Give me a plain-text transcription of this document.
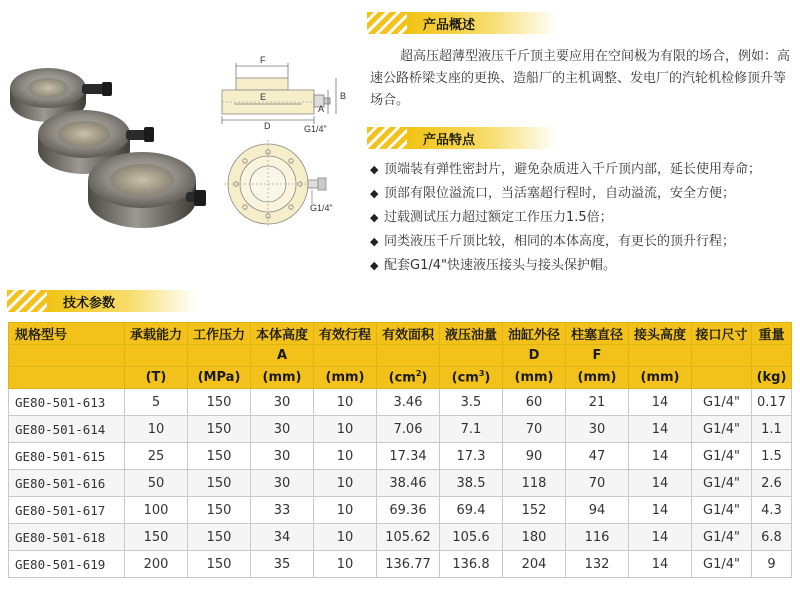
F
E
D
B
A
G1/4"
G1/4"
产品概述

超高压超薄型液压千斤顶主要应用在空间极为有限的场合，例如：高速公路桥梁支座的更换、造船厂的主机调整、发电厂的汽轮机检修顶升等场合。

产品特点
◆ 顶端装有弹性密封片，避免杂质进入千斤顶内部，延长使用寿命；
◆ 顶部有限位溢流口，当活塞超行程时，自动溢流，安全方便；
◆ 过载测试压力超过额定工作压力1.5倍；
◆ 同类液压千斤顶比较，相同的本体高度，有更长的顶升行程；
◆ 配套G1/4"快速液压接头与接头保护帽。
技术参数
规格型号	承载能力	工作压力	本体高度	有效行程	有效面积	液压油量	油缸外径	柱塞直径	接头高度	接口尺寸	重量
			A				D	F			
	(T)	(MPa)	(mm)	(mm)	$(cm^2)$	$(cm^3)$	(mm)	(mm)	(mm)		(kg)
GE80-501-613	5	150	30	10	3.46	3.5	60	21	14	G1/4"	0.17
GE80-501-614	10	150	30	10	7.06	7.1	70	30	14	G1/4"	1.1
GE80-501-615	25	150	30	10	17.34	17.3	90	47	14	G1/4"	1.5
GE80-501-616	50	150	30	10	38.46	38.5	118	70	14	G1/4"	2.6
GE80-501-617	100	150	33	10	69.36	69.4	152	94	14	G1/4"	4.3
GE80-501-618	150	150	34	10	105.62	105.6	180	116	14	G1/4"	6.8
GE80-501-619	200	150	35	10	136.77	136.8	204	132	14	G1/4"	9
